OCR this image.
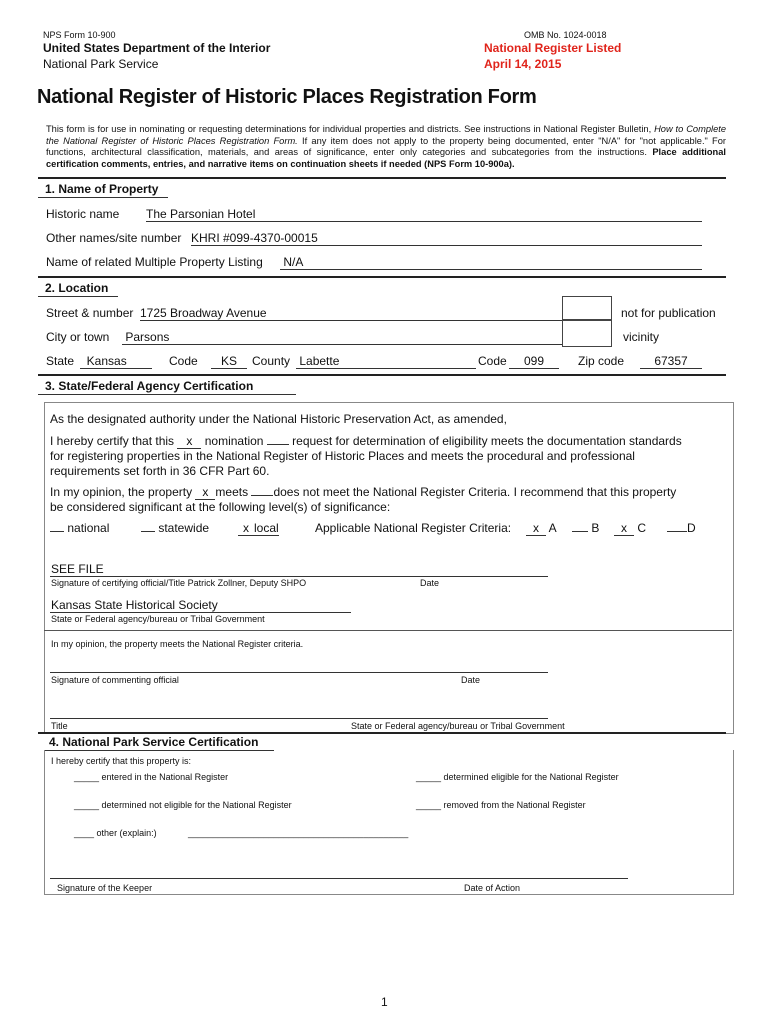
NPS Form 10-900	OMB No. 1024-0018
United States Department of the Interior
National Park Service
National Register Listed
April 14, 2015
National Register of Historic Places Registration Form
This form is for use in nominating or requesting determinations for individual properties and districts. See instructions in National Register Bulletin, How to Complete the National Register of Historic Places Registration Form. If any item does not apply to the property being documented, enter "N/A" for "not applicable." For functions, architectural classification, materials, and areas of significance, enter only categories and subcategories from the instructions. Place additional certification comments, entries, and narrative items on continuation sheets if needed (NPS Form 10-900a).
1. Name of Property
Historic name The Parsonian Hotel
Other names/site number KHRI #099-4370-00015
Name of related Multiple Property Listing N/A
2. Location
Street & number 1725 Broadway Avenue	not for publication
City or town Parsons	vicinity
State	Kansas	Code	KS	County Labette	Code	099	Zip code	67357
3. State/Federal Agency Certification
As the designated authority under the National Historic Preservation Act, as amended,
I hereby certify that this x nomination request for determination of eligibility meets the documentation standards
for registering properties in the National Register of Historic Places and meets the procedural and professional
requirements set forth in 36 CFR Part 60.
In my opinion, the property x meets does not meet the National Register Criteria. I recommend that this property
be considered significant at the following level(s) of significance:
national	statewide	x local	Applicable National Register Criteria:	x A	B	x C	D
SEE FILE
Signature of certifying official/Title Patrick Zollner, Deputy SHPO	Date
Kansas State Historical Society
State or Federal agency/bureau or Tribal Government
In my opinion, the property meets the National Register criteria.
Signature of commenting official	Date
Title	State or Federal agency/bureau or Tribal Government
4. National Park Service Certification
I hereby certify that this property is:
_____ entered in the National Register	_____ determined eligible for the National Register
_____ determined not eligible for the National Register	_____ removed from the National Register
____ other (explain:)	____________________________________________
Signature of the Keeper	Date of Action
1
